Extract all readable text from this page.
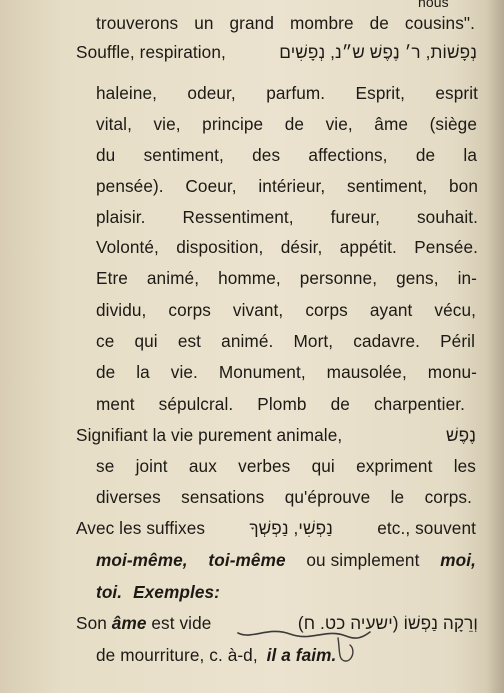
nous
trouverons un grand mombre de cousins".
Souffle, respiration,	נְפָשׁוֹת, ר׳ נֶפֶשׁ ש״נ, נְפָשִׁים
haleine, odeur, parfum. Esprit, esprit
vital, vie, principe de vie, âme (siège
du sentiment, des affections, de la
pensée). Coeur, intérieur, sentiment, bon
plaisir. Ressentiment, fureur, souhait.
Volonté, disposition, désir, appétit. Pensée.
Etre animé, homme, personne, gens, in-
dividu, corps vivant, corps ayant vécu,
ce qui est animé. Mort, cadavre. Péril
de la vie. Monument, mausolée, monu-
ment sépulcral. Plomb de charpentier.
Signifiant la vie purement animale,	נֶפֶשׁ
se joint aux verbes qui expriment les
diverses sensations qu'éprouve le corps.
Avec les suffixes	נַפְשִׁי, נַפְשְׁךָ	etc., souvent
moi-même, toi-même ou simplement moi,
toi. Exemples:
Son âme est vide	וְרֵקָה נַפְשׁוֹ (ישעיה כט. ח)
de mourriture, c. à-d, il a faim.
